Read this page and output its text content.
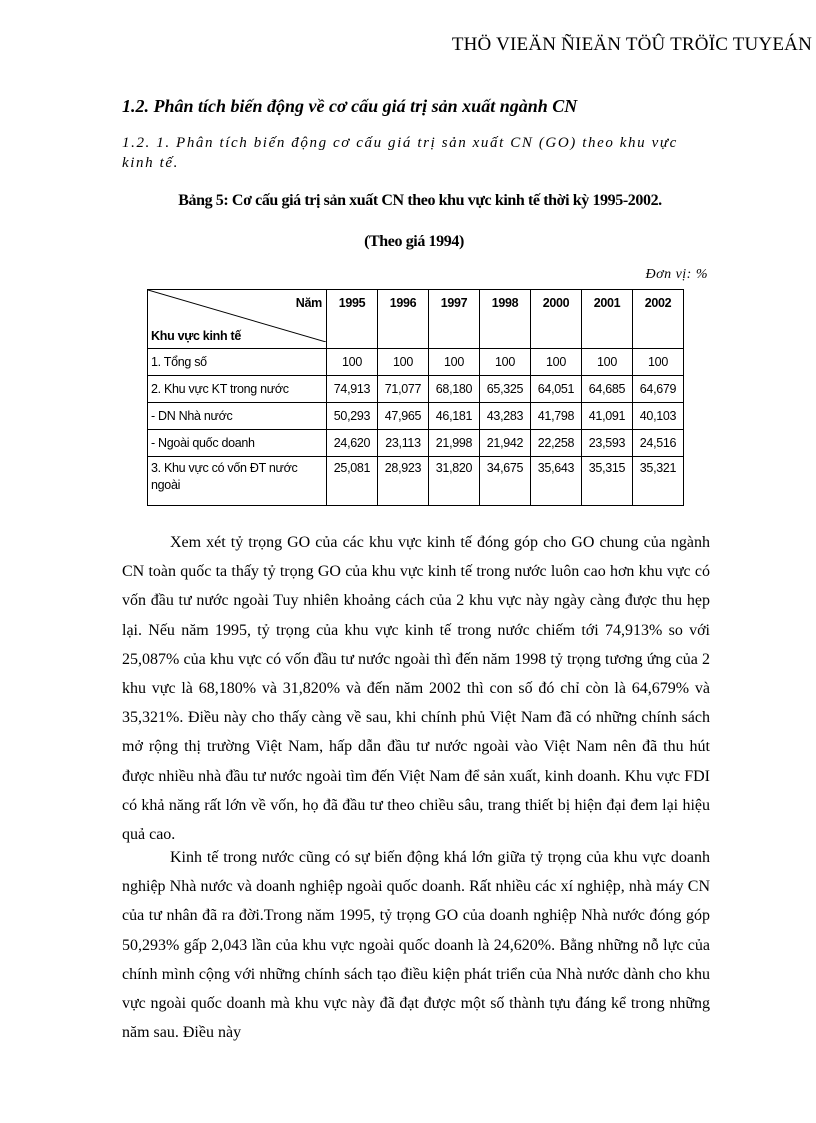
THÖ VIEÄN ÑIEÄN TÖÛ TRÖÏC TUYEÁN
1.2. Phân tích biến động về cơ cấu giá trị sản xuất ngành CN
1.2. 1. Phân tích biến động cơ cấu giá trị sản xuất CN (GO) theo khu vực kinh tế.
Bảng 5: Cơ cấu giá trị sản xuất CN theo khu vực kinh tế thời kỳ 1995-2002.
(Theo giá 1994)
Đơn vị: %
Năm
Khu vực kinh tế	1995	1996	1997	1998	2000	2001	2002
1. Tổng số	100	100	100	100	100	100	100
2. Khu vực KT trong nước	74,913	71,077	68,180	65,325	64,051	64,685	64,679
- DN Nhà nước	50,293	47,965	46,181	43,283	41,798	41,091	40,103
- Ngoài quốc doanh	24,620	23,113	21,998	21,942	22,258	23,593	24,516
3. Khu vực có vốn ĐT nước ngoài	25,081	28,923	31,820	34,675	35,643	35,315	35,321

Xem xét tỷ trọng GO của các khu vực kinh tế đóng góp cho GO chung của ngành CN toàn quốc ta thấy tỷ trọng GO của khu vực kinh tế trong nước luôn cao hơn khu vực có vốn đầu tư nước ngoài Tuy nhiên khoảng cách của 2 khu vực này ngày càng được thu hẹp lại. Nếu năm 1995, tỷ trọng của khu vực kinh tế trong nước chiếm tới 74,913% so với 25,087% của khu vực có vốn đầu tư nước ngoài thì đến năm 1998 tỷ trọng tương ứng của 2 khu vực là 68,180% và 31,820% và đến năm 2002 thì con số đó chỉ còn là 64,679% và 35,321%. Điều này cho thấy càng về sau, khi chính phủ Việt Nam đã có những chính sách mở rộng thị trường Việt Nam, hấp dẫn đầu tư nước ngoài vào Việt Nam nên đã thu hút được nhiều nhà đầu tư nước ngoài tìm đến Việt Nam để sản xuất, kinh doanh. Khu vực FDI có khả năng rất lớn về vốn, họ đã đầu tư theo chiều sâu, trang thiết bị hiện đại đem lại hiệu quả cao.

Kinh tế trong nước cũng có sự biến động khá lớn giữa tỷ trọng của khu vực doanh nghiệp Nhà nước và doanh nghiệp ngoài quốc doanh. Rất nhiều các xí nghiệp, nhà máy CN của tư nhân đã ra đời.Trong năm 1995, tỷ trọng GO của doanh nghiệp Nhà nước đóng góp 50,293% gấp 2,043 lần của khu vực ngoài quốc doanh là 24,620%. Bằng những nỗ lực của chính mình cộng với những chính sách tạo điều kiện phát triển của Nhà nước dành cho khu vực ngoài quốc doanh mà khu vực này đã đạt được một số thành tựu đáng kể trong những năm sau. Điều này
